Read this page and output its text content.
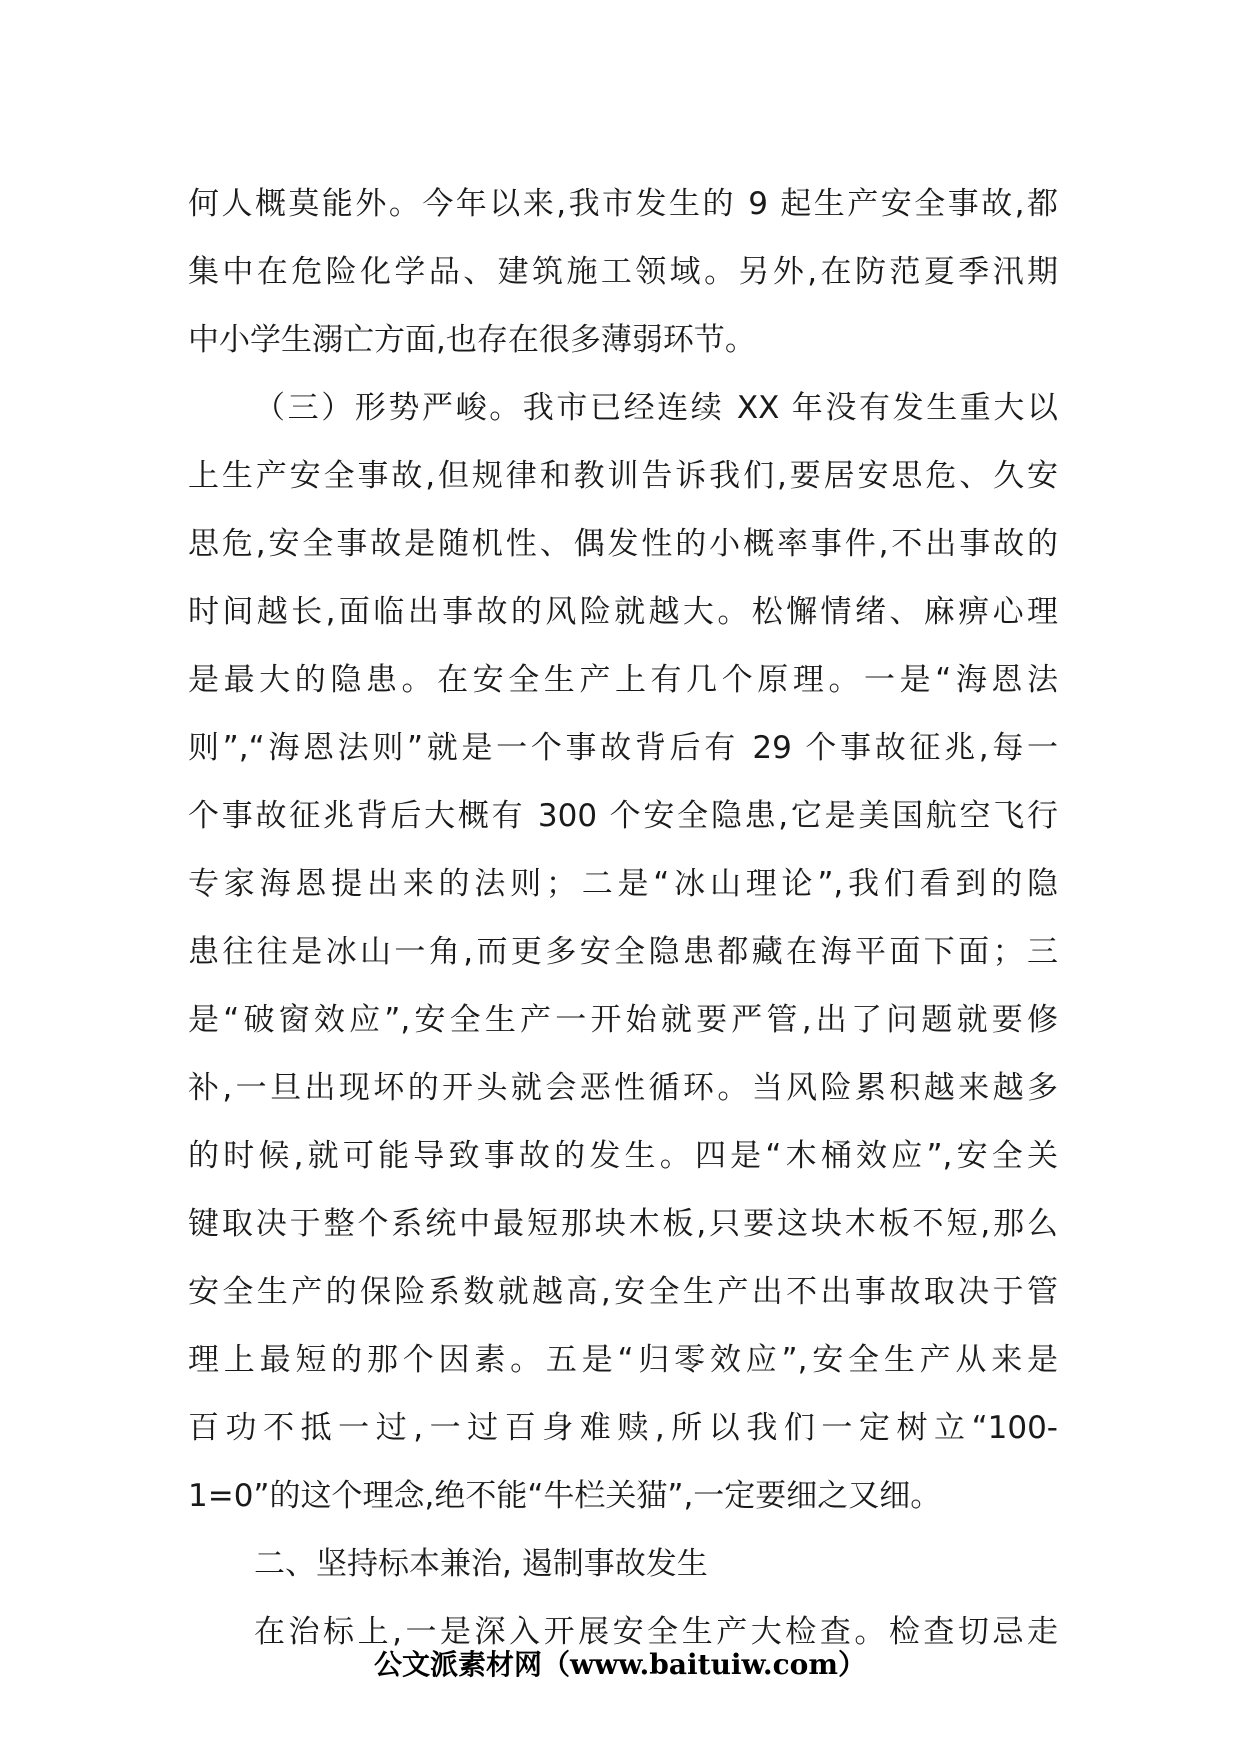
何人概莫能外。今年以来,我市发生的 9 起生产安全事故,都
集中在危险化学品、建筑施工领域。另外,在防范夏季汛期
中小学生溺亡方面,也存在很多薄弱环节。
（三）形势严峻。我市已经连续 XX 年没有发生重大以
上生产安全事故,但规律和教训告诉我们,要居安思危、久安
思危,安全事故是随机性、偶发性的小概率事件,不出事故的
时间越长,面临出事故的风险就越大。松懈情绪、麻痹心理
是最大的隐患。在安全生产上有几个原理。一是“海恩法
则”,“海恩法则”就是一个事故背后有 29 个事故征兆,每一
个事故征兆背后大概有 300 个安全隐患,它是美国航空飞行
专家海恩提出来的法则；二是“冰山理论”,我们看到的隐
患往往是冰山一角,而更多安全隐患都藏在海平面下面；三
是“破窗效应”,安全生产一开始就要严管,出了问题就要修
补,一旦出现坏的开头就会恶性循环。当风险累积越来越多
的时候,就可能导致事故的发生。四是“木桶效应”,安全关
键取决于整个系统中最短那块木板,只要这块木板不短,那么
安全生产的保险系数就越高,安全生产出不出事故取决于管
理上最短的那个因素。五是“归零效应”,安全生产从来是
百功不抵一过,一过百身难赎,所以我们一定树立“100-
1=0”的这个理念,绝不能“牛栏关猫”,一定要细之又细。
二、坚持标本兼治, 遏制事故发生
在治标上,一是深入开展安全生产大检查。检查切忌走
公文派素材网（www.baituiw.com）
